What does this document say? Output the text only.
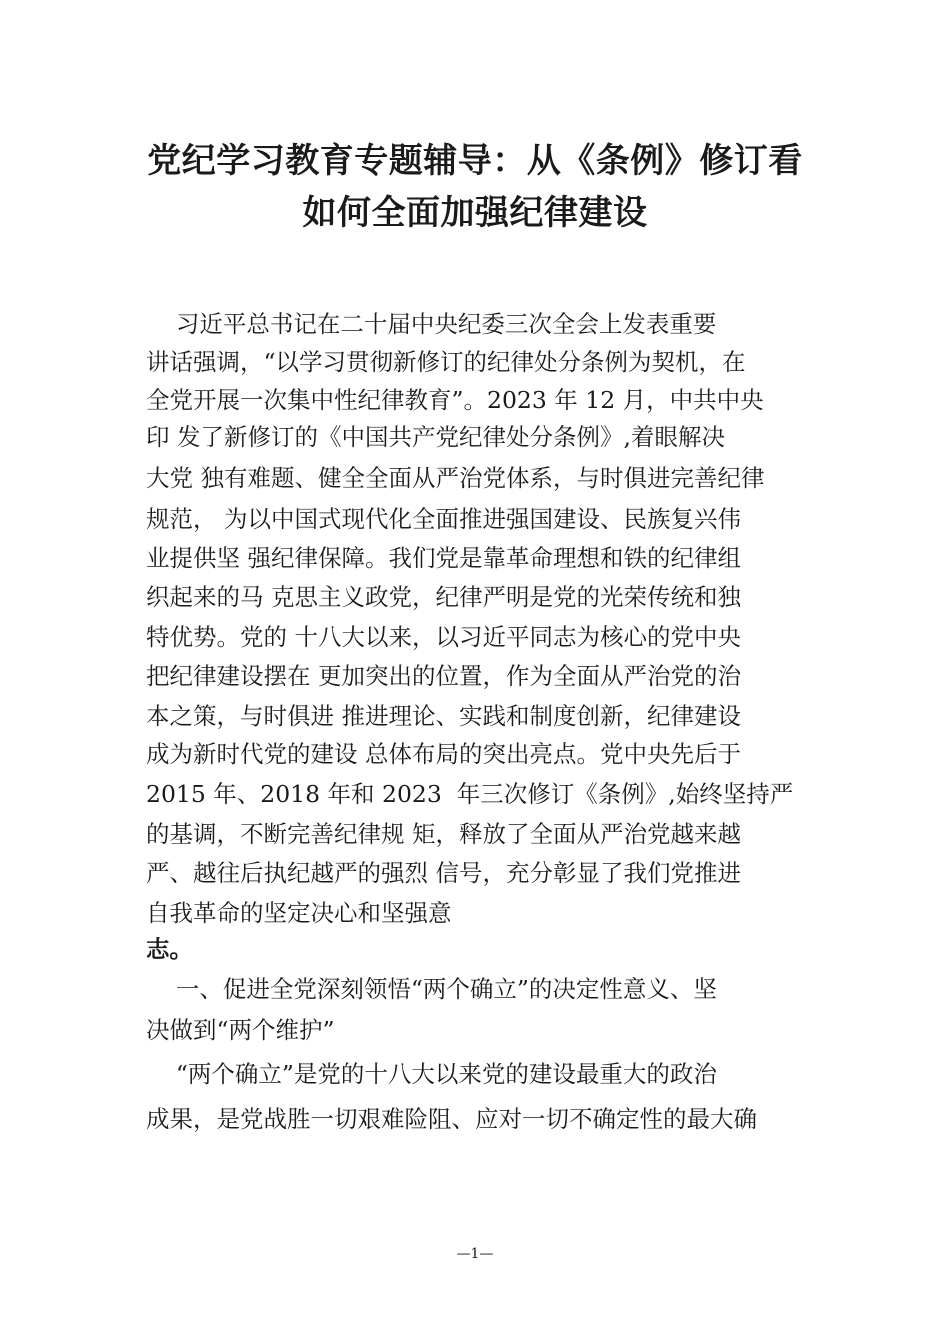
党纪学习教育专题辅导：从《条例》修订看
如何全面加强纪律建设

习近平总书记在二十届中央纪委三次全会上发表重要

讲话强调，“以学习贯彻新修订的纪律处分条例为契机，在

全党开展一次集中性纪律教育”。2023 年 12 月，中共中央

印 发了新修订的《中国共产党纪律处分条例》,着眼解决

大党 独有难题、健全全面从严治党体系，与时俱进完善纪律

规范， 为以中国式现代化全面推进强国建设、民族复兴伟

业提供坚 强纪律保障。我们党是靠革命理想和铁的纪律组

织起来的马 克思主义政党，纪律严明是党的光荣传统和独

特优势。党的 十八大以来，以习近平同志为核心的党中央

把纪律建设摆在 更加突出的位置，作为全面从严治党的治

本之策，与时俱进 推进理论、实践和制度创新，纪律建设

成为新时代党的建设 总体布局的突出亮点。党中央先后于

2015 年、2018 年和 2023  年三次修订《条例》,始终坚持严

的基调，不断完善纪律规 矩，释放了全面从严治党越来越

严、越往后执纪越严的强烈 信号，充分彰显了我们党推进

自我革命的坚定决心和坚强意

志。

一、促进全党深刻领悟“两个确立”的决定性意义、坚

决做到“两个维护”

“两个确立”是党的十八大以来党的建设最重大的政治

成果，是党战胜一切艰难险阻、应对一切不确定性的最大确

—1—
